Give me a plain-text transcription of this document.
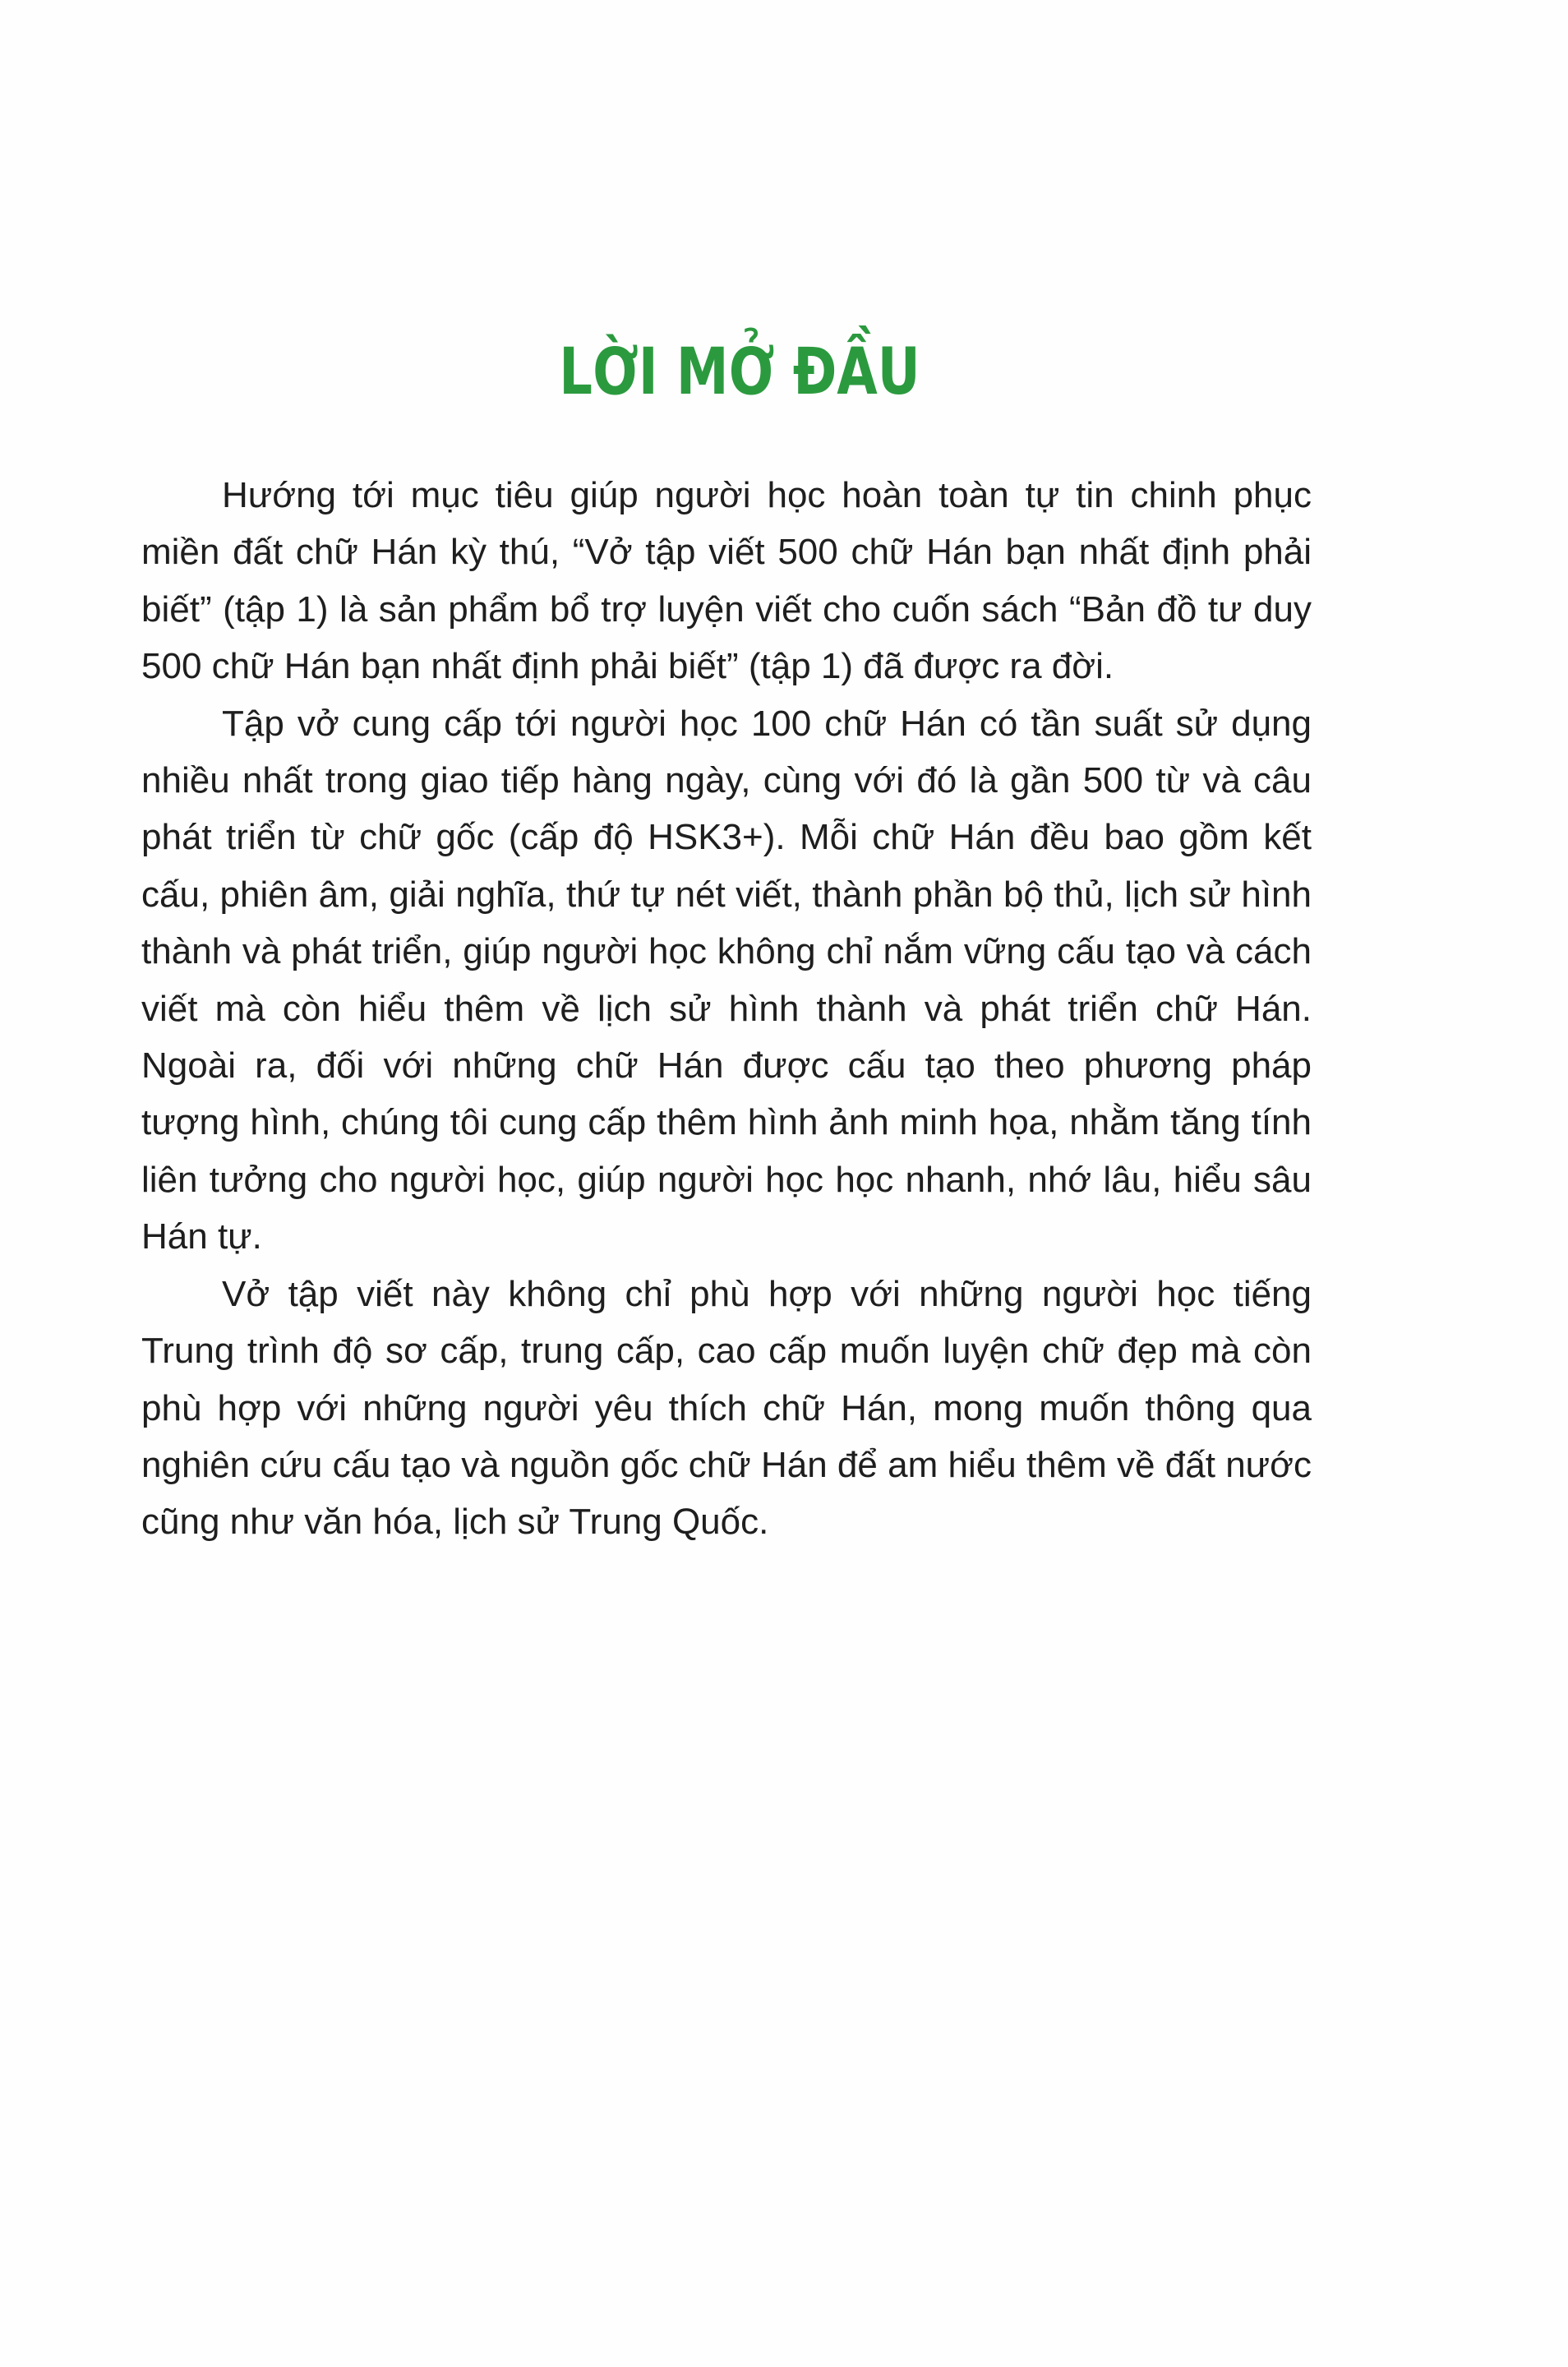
LỜI MỞ ĐẦU

Hướng tới mục tiêu giúp người học hoàn toàn tự tin chinh phục miền đất chữ Hán kỳ thú, “Vở tập viết 500 chữ Hán bạn nhất định phải biết” (tập 1) là sản phẩm bổ trợ luyện viết cho cuốn sách “Bản đồ tư duy 500 chữ Hán bạn nhất định phải biết” (tập 1) đã được ra đời.

Tập vở cung cấp tới người học 100 chữ Hán có tần suất sử dụng nhiều nhất trong giao tiếp hàng ngày, cùng với đó là gần 500 từ và câu phát triển từ chữ gốc (cấp độ HSK3+). Mỗi chữ Hán đều bao gồm kết cấu, phiên âm, giải nghĩa, thứ tự nét viết, thành phần bộ thủ, lịch sử hình thành và phát triển, giúp người học không chỉ nắm vững cấu tạo và cách viết mà còn hiểu thêm về lịch sử hình thành và phát triển chữ Hán. Ngoài ra, đối với những chữ Hán được cấu tạo theo phương pháp tượng hình, chúng tôi cung cấp thêm hình ảnh minh họa, nhằm tăng tính liên tưởng cho người học, giúp người học học nhanh, nhớ lâu, hiểu sâu Hán tự.

Vở tập viết này không chỉ phù hợp với những người học tiếng Trung trình độ sơ cấp, trung cấp, cao cấp muốn luyện chữ đẹp mà còn phù hợp với những người yêu thích chữ Hán, mong muốn thông qua nghiên cứu cấu tạo và nguồn gốc chữ Hán để am hiểu thêm về đất nước cũng như văn hóa, lịch sử Trung Quốc.
